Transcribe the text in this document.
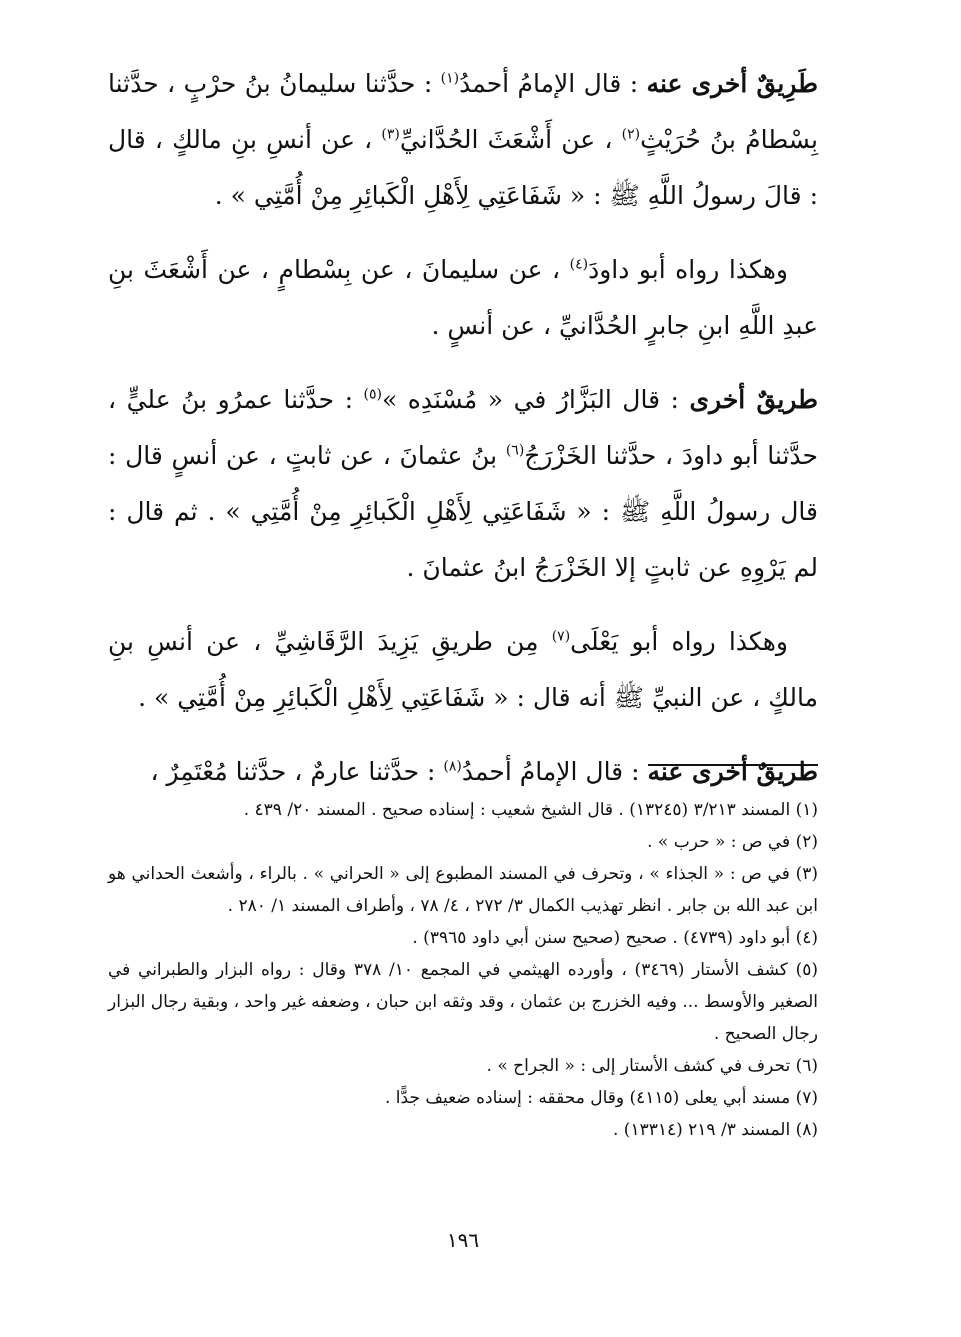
طَرِيقٌ أخرى عنه : قال الإمامُ أحمدُ$^{(١)}$ : حدَّثنا سليمانُ بنُ حرْبٍ ، حدَّثنا بِسْطامُ بنُ حُرَيْثٍ$^{(٢)}$ ، عن أَشْعَثَ الحُدَّانيِّ$^{(٣)}$ ، عن أنسِ بنِ مالكٍ ، قال : قالَ رسولُ اللَّهِ ﷺ : « شَفَاعَتِي لِأَهْلِ الْكَبائِرِ مِنْ أُمَّتِي » .

وهكذا رواه أبو داودَ$^{(٤)}$ ، عن سليمانَ ، عن بِسْطامٍ ، عن أَشْعَثَ بنِ عبدِ اللَّهِ ابنِ جابرٍ الحُدَّانيِّ ، عن أنسٍ .

طريقٌ أخرى : قال البَزَّارُ في « مُسْنَدِه »$^{(٥)}$ : حدَّثنا عمرُو بنُ عليٍّ ، حدَّثنا أبو داودَ ، حدَّثنا الخَزْرَجُ$^{(٦)}$ بنُ عثمانَ ، عن ثابتٍ ، عن أنسٍ قال : قال رسولُ اللَّهِ ﷺ : « شَفَاعَتِي لِأَهْلِ الْكَبائِرِ مِنْ أُمَّتِي » . ثم قال : لم يَرْوِهِ عن ثابتٍ إلا الخَزْرَجُ ابنُ عثمانَ .

وهكذا رواه أبو يَعْلَى$^{(٧)}$ مِن طريقِ يَزِيدَ الرَّقَاشِيِّ ، عن أنسِ بنِ مالكٍ ، عن النبيِّ ﷺ أنه قال : « شَفَاعَتِي لِأَهْلِ الْكَبائِرِ مِنْ أُمَّتِي » .

طريقٌ أخرى عنه : قال الإمامُ أحمدُ$^{(٨)}$ : حدَّثنا عارمٌ ، حدَّثنا مُعْتَمِرٌ ،

(١) المسند ٣/٢١٣ (١٣٢٤٥) . قال الشيخ شعيب : إسناده صحيح . المسند ٢٠/ ٤٣٩ .
(٢) في ص : « حرب » .
(٣) في ص : « الجذاء » ، وتحرف في المسند المطبوع إلى « الحراني » . بالراء ، وأشعث الحداني هو ابن عبد الله بن جابر . انظر تهذيب الكمال ٣/ ٢٧٢ ، ٤/ ٧٨ ، وأطراف المسند ١/ ٢٨٠ .
(٤) أبو داود (٤٧٣٩) . صحيح (صحيح سنن أبي داود ٣٩٦٥) .
(٥) كشف الأستار (٣٤٦٩) ، وأورده الهيثمي في المجمع ١٠/ ٣٧٨ وقال : رواه البزار والطبراني في الصغير والأوسط ... وفيه الخزرج بن عثمان ، وقد وثقه ابن حبان ، وضعفه غير واحد ، وبقية رجال البزار رجال الصحيح .
(٦) تحرف في كشف الأستار إلى : « الجراح » .
(٧) مسند أبي يعلى (٤١١٥) وقال محققه : إسناده ضعيف جدًّا .
(٨) المسند ٣/ ٢١٩ (١٣٣١٤) .
١٩٦
